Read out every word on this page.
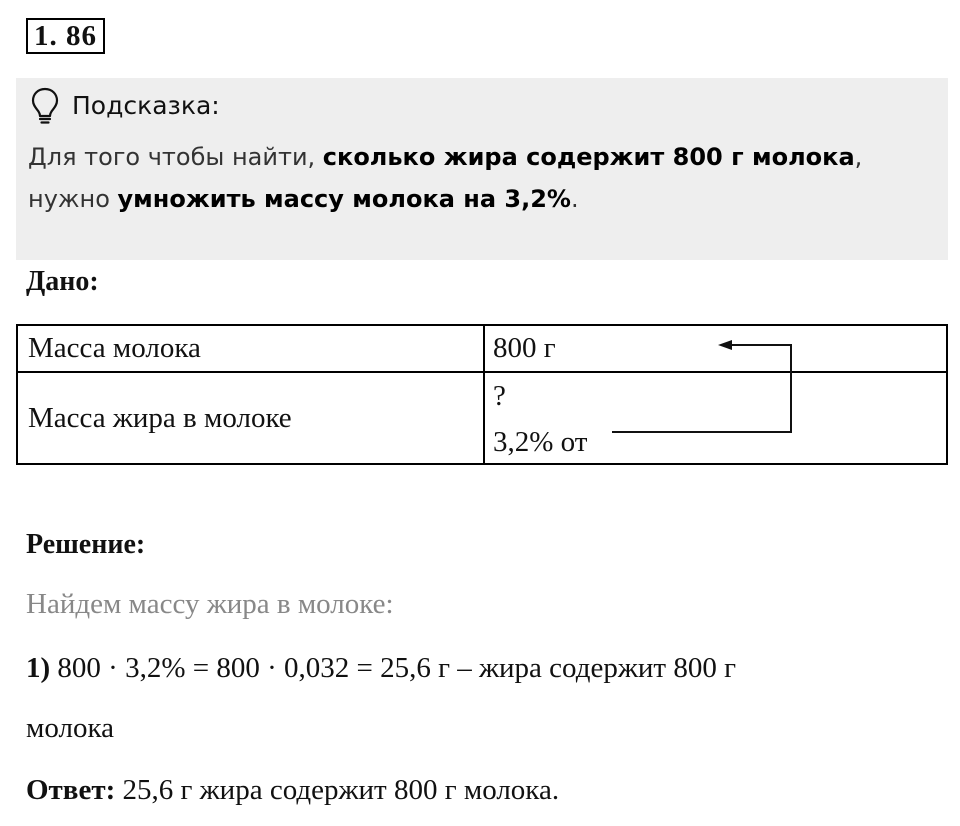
1. 86
Подсказка:
Для того чтобы найти, сколько жира содержит 800 г молока,
нужно умножить массу молока на 3,2%.
Дано:
Масса молока	800 г
Масса жира в молоке
?
3,2% от
Решение:
Найдем массу жира в молоке:
1) 800 · 3,2% = 800 · 0,032 = 25,6 г – жира содержит 800 г
молока
Ответ: 25,6 г жира содержит 800 г молока.
